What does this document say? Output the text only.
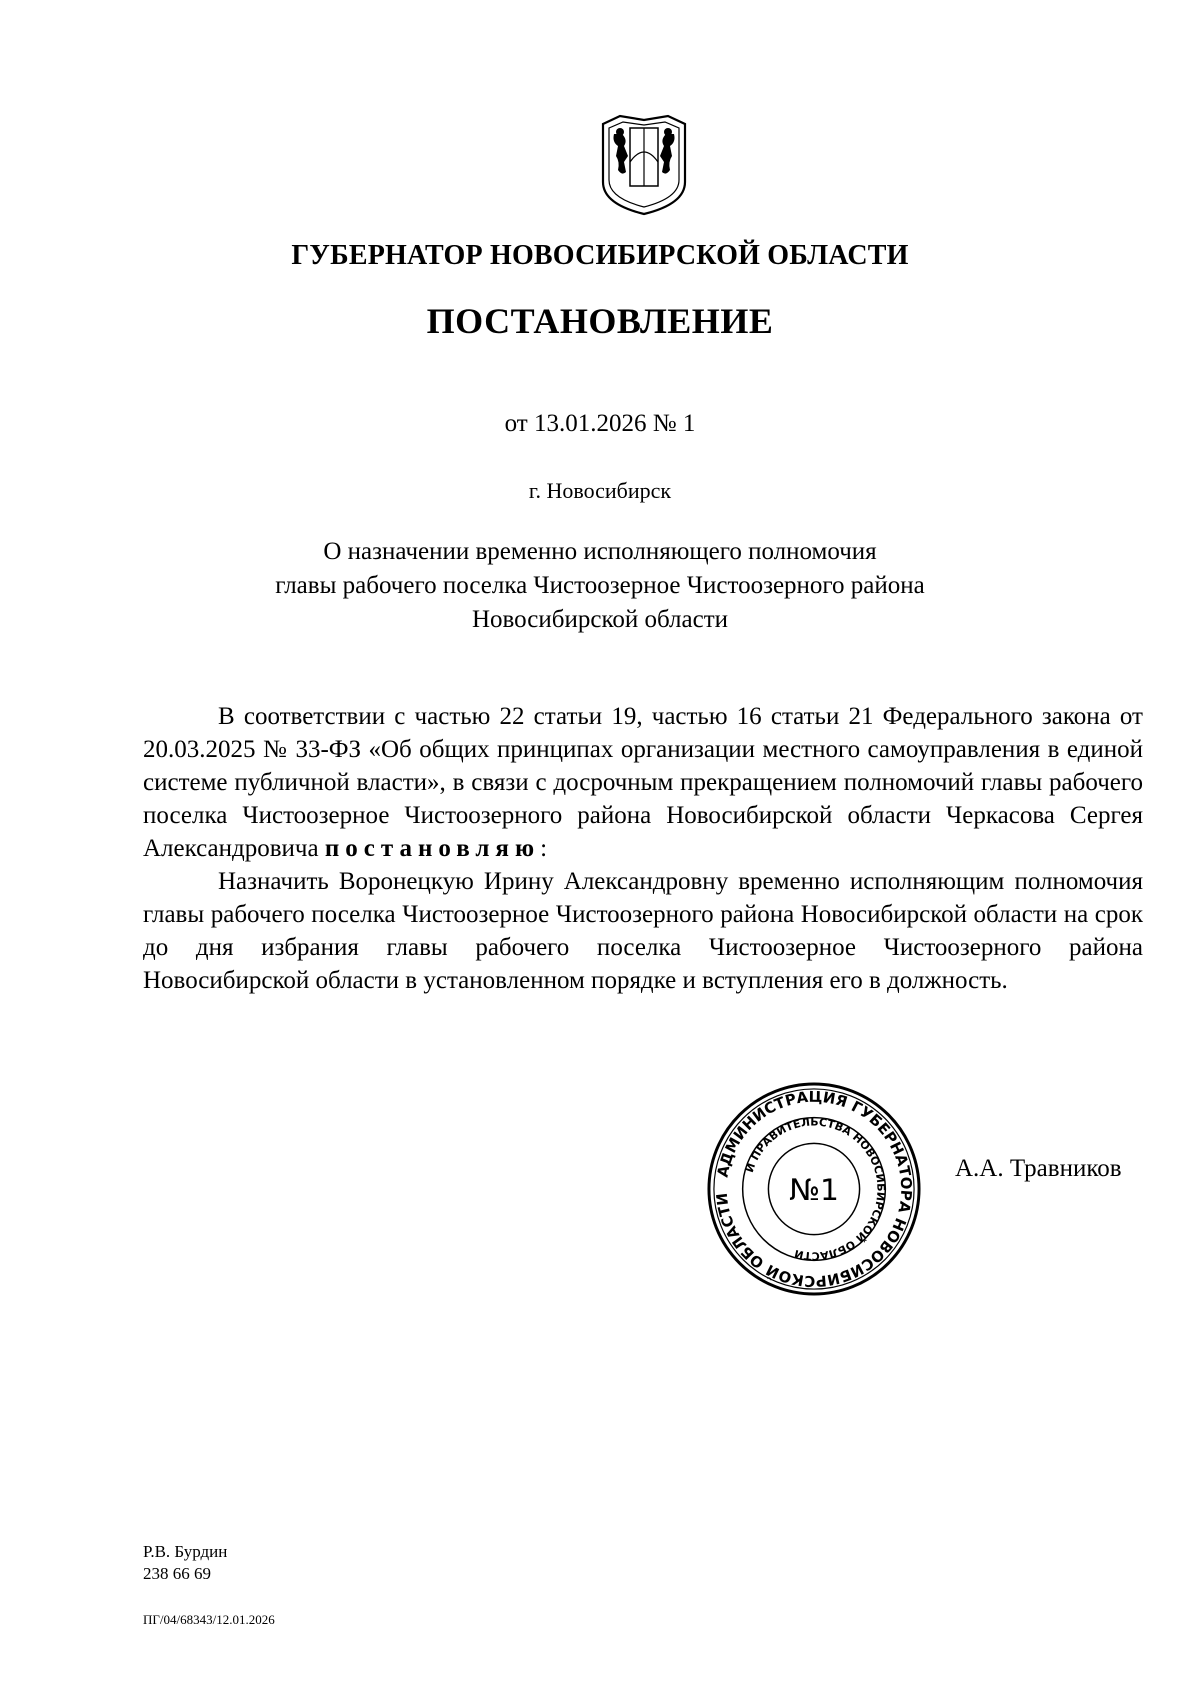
ГУБЕРНАТОР НОВОСИБИРСКОЙ ОБЛАСТИ
ПОСТАНОВЛЕНИЕ
от 13.01.2026 № 1
г. Новосибирск
О назначении временно исполняющего полномочия
главы рабочего поселка Чистоозерное Чистоозерного района
Новосибирской области

В соответствии с частью 22 статьи 19, частью 16 статьи 21 Федерального закона от 20.03.2025 № 33-ФЗ «Об общих принципах организации местного самоуправления в единой системе публичной власти», в связи с досрочным прекращением полномочий главы рабочего поселка Чистоозерное Чистоозерного района Новосибирской области Черкасова Сергея Александровича постановляю:

Назначить Воронецкую Ирину Александровну временно исполняющим полномочия главы рабочего поселка Чистоозерное Чистоозерного района Новосибирской области на срок до дня избрания главы рабочего поселка Чистоозерное Чистоозерного района Новосибирской области в установленном порядке и вступления его в должность.

АДМИНИСТРАЦИЯ ГУБЕРНАТОРА НОВОСИБИРСКОЙ ОБЛАСТИ
И ПРАВИТЕЛЬСТВА НОВОСИБИРСКОЙ ОБЛАСТИ
№1
А.А. Травников
Р.В. Бурдин
238 66 69
ПГ/04/68343/12.01.2026
